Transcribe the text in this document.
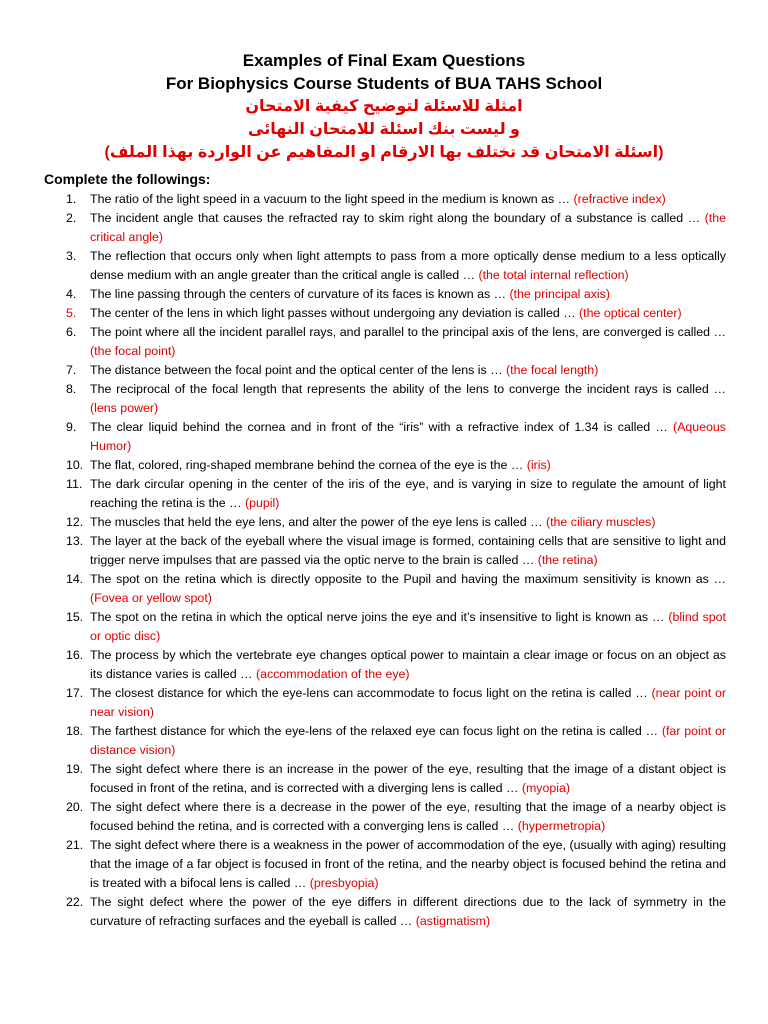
Examples of Final Exam Questions
For Biophysics Course Students of BUA TAHS School
امثلة للاسئلة لتوضيح كيفية الامتحان
و ليست بنك اسئلة للامتحان النهائى
(اسئلة الامتحان قد تختلف بها الارقام او المفاهيم عن الواردة بهذا الملف)
Complete the followings:
1.	The ratio of the light speed in a vacuum to the light speed in the medium is known as … (refractive index)
2.	The incident angle that causes the refracted ray to skim right along the boundary of a substance is called … (the critical angle)
3.	The reflection that occurs only when light attempts to pass from a more optically dense medium to a less optically dense medium with an angle greater than the critical angle is called … (the total internal reflection)
4.	The line passing through the centers of curvature of its faces is known as … (the principal axis)
5.	The center of the lens in which light passes without undergoing any deviation is called … (the optical center)
6.	The point where all the incident parallel rays, and parallel to the principal axis of the lens, are converged is called … (the focal point)
7.	The distance between the focal point and the optical center of the lens is … (the focal length)
8.	The reciprocal of the focal length that represents the ability of the lens to converge the incident rays is called … (lens power)
9.	The clear liquid behind the cornea and in front of the “iris” with a refractive index of 1.34 is called … (Aqueous Humor)
10. The flat, colored, ring-shaped membrane behind the cornea of the eye is the … (iris)
11. The dark circular opening in the center of the iris of the eye, and is varying in size to regulate the amount of light reaching the retina is the … (pupil)
12. The muscles that held the eye lens, and alter the power of the eye lens is called … (the ciliary muscles)
13. The layer at the back of the eyeball where the visual image is formed, containing cells that are sensitive to light and trigger nerve impulses that are passed via the optic nerve to the brain is called … (the retina)
14. The spot on the retina which is directly opposite to the Pupil and having the maximum sensitivity is known as … (Fovea or yellow spot)
15. The spot on the retina in which the optical nerve joins the eye and it’s insensitive to light is known as … (blind spot or optic disc)
16. The process by which the vertebrate eye changes optical power to maintain a clear image or focus on an object as its distance varies is called … (accommodation of the eye)
17. The closest distance for which the eye-lens can accommodate to focus light on the retina is called … (near point or near vision)
18. The farthest distance for which the eye-lens of the relaxed eye can focus light on the retina is called … (far point or distance vision)
19. The sight defect where there is an increase in the power of the eye, resulting that the image of a distant object is focused in front of the retina, and is corrected with a diverging lens is called … (myopia)
20. The sight defect where there is a decrease in the power of the eye, resulting that the image of a nearby object is focused behind the retina, and is corrected with a converging lens is called … (hypermetropia)
21. The sight defect where there is a weakness in the power of accommodation of the eye, (usually with aging) resulting that the image of a far object is focused in front of the retina, and the nearby object is focused behind the retina and is treated with a bifocal lens is called … (presbyopia)
22. The sight defect where the power of the eye differs in different directions due to the lack of symmetry in the curvature of refracting surfaces and the eyeball is called … (astigmatism)
